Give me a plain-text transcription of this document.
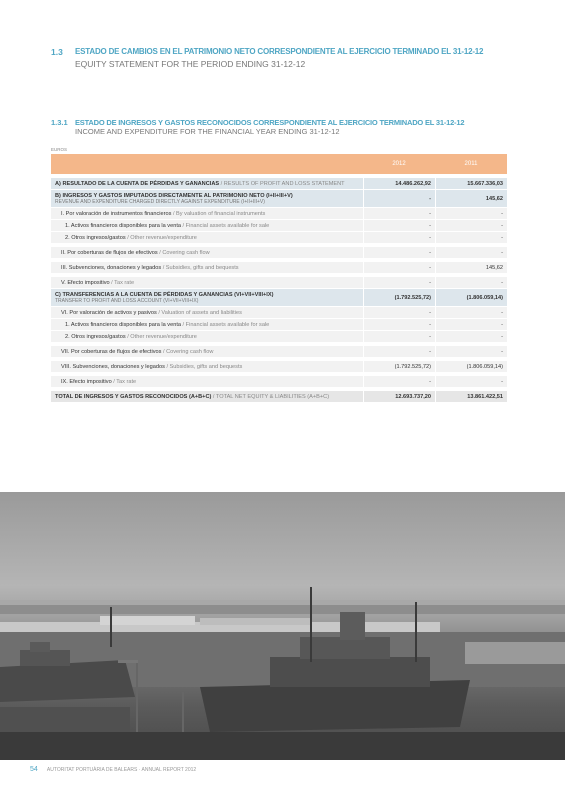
1.3 ESTADO DE CAMBIOS EN EL PATRIMONIO NETO CORRESPONDIENTE AL EJERCICIO TERMINADO EL 31-12-12
EQUITY STATEMENT FOR THE PERIOD ENDING 31-12-12
1.3.1 ESTADO DE INGRESOS Y GASTOS RECONOCIDOS CORRESPONDIENTE AL EJERCICIO TERMINADO EL 31-12-12
INCOME AND EXPENDITURE FOR THE FINANCIAL YEAR ENDING 31-12-12
EUROS
	2012	2011

A) RESULTADO DE LA CUENTA DE PÉRDIDAS Y GANANCIAS / RESULTS OF PROFIT AND LOSS STATEMENT	14.486.262,92	15.667.336,03
B) INGRESOS Y GASTOS IMPUTADOS DIRECTAMENTE AL PATRIMONIO NETO (I+II+III+V)
REVENUE AND EXPENDITURE CHARGED DIRECTLY AGAINST EXPENDITURE (I+II+III+V)	-	145,62
I. Por valoración de instrumentos financieros / By valuation of financial instruments	-	-
1. Activos financieros disponibles para la venta / Financial assets available for sale	-	-
2. Otros ingresos/gastos / Other revenue/expenditure	-	-

II. Por coberturas de flujos de efectivos / Covering cash flow	-	-

III. Subvenciones, donaciones y legados / Subsidies, gifts and bequests	-	145,62

V. Efecto impositivo / Tax rate	-	-
C) TRANSFERENCIAS A LA CUENTA DE PÉRDIDAS Y GANANCIAS (VI+VII+VIII+IX)
TRANSFER TO PROFIT AND LOSS ACCOUNT (VI+VII+VIII+IX)	(1.792.525,72)	(1.806.059,14)
VI. Por valoración de activos y pasivos / Valuation of assets and liabilities	-	-
1. Activos financieros disponibles para la venta / Financial assets available for sale	-	-
2. Otros ingresos/gastos / Other revenue/expenditure	-	-

VII. Por coberturas de flujos de efectivos / Covering cash flow	-	-

VIII. Subvenciones, donaciones y legados / Subsidies, gifts and bequests	(1.792.525,72)	(1.806.059,14)

IX. Efecto impositivo / Tax rate	-	-

TOTAL DE INGRESOS Y GASTOS RECONOCIDOS (A+B+C) / TOTAL NET EQUITY & LIABILITIES (A+B+C)	12.693.737,20	13.861.422,51
54 AUTORITAT PORTUÀRIA DE BALEARS · ANNUAL REPORT 2012
